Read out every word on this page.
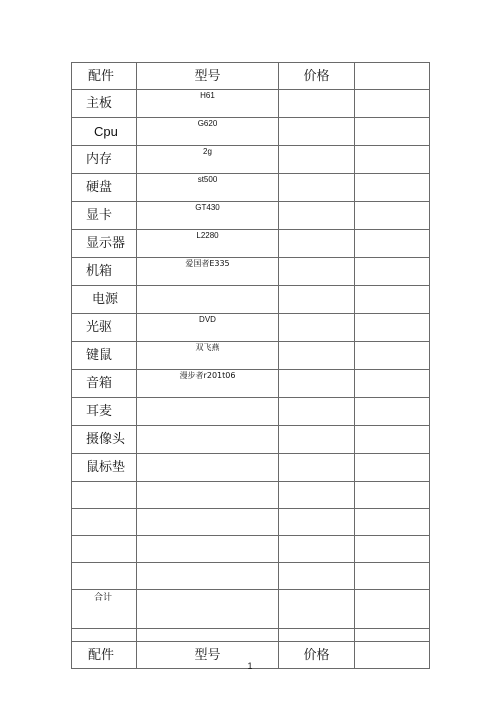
配件	型号	价格	
主板	H61		
Cpu	G620		
内存	2g		
硬盘	st500		
显卡	GT430		
显示器	L2280		
机箱	爱国者E335		
电源			
光驱	DVD		
键鼠	双飞燕		
音箱	漫步者r201t06		
耳麦			
摄像头			
鼠标垫			

合计			

配件	型号	价格	
1
